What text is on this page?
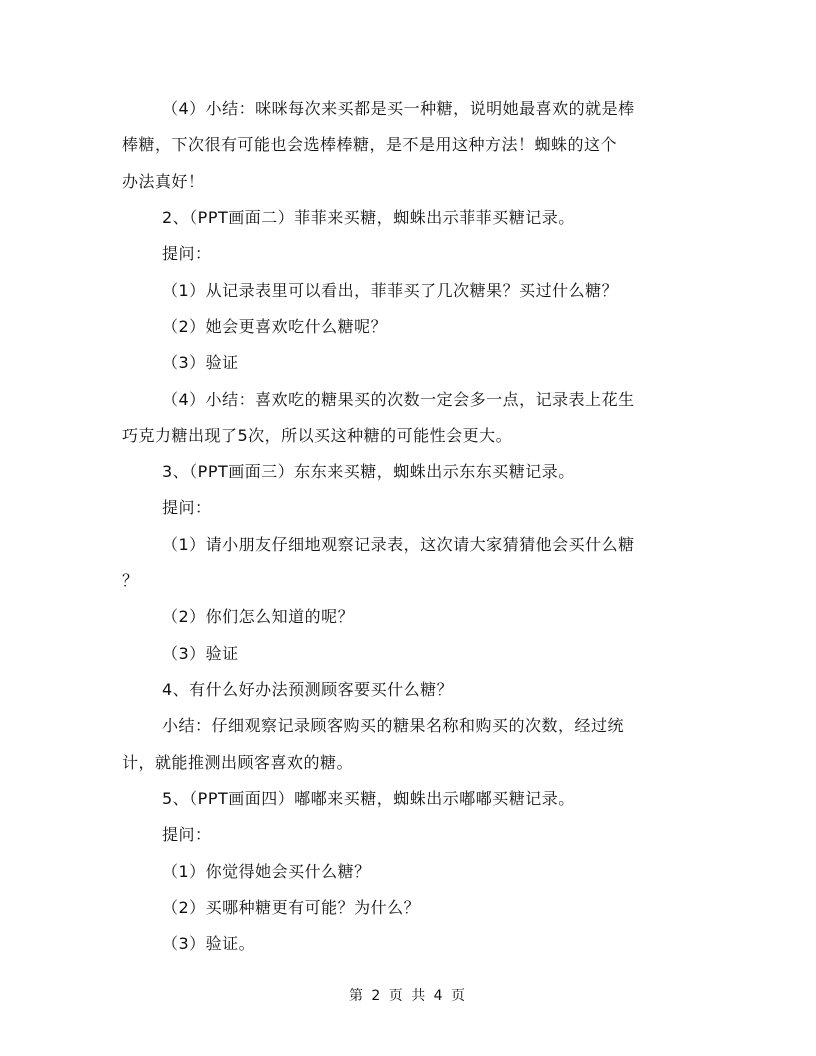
（4）小结：咪咪每次来买都是买一种糖，说明她最喜欢的就是棒
棒糖，下次很有可能也会选棒棒糖，是不是用这种方法！蜘蛛的这个
办法真好！
2、（PPT画面二）菲菲来买糖，蜘蛛出示菲菲买糖记录。
提问：
（1）从记录表里可以看出，菲菲买了几次糖果？买过什么糖？
（2）她会更喜欢吃什么糖呢？
（3）验证
（4）小结：喜欢吃的糖果买的次数一定会多一点，记录表上花生
巧克力糖出现了5次，所以买这种糖的可能性会更大。
3、（PPT画面三）东东来买糖，蜘蛛出示东东买糖记录。
提问：
（1）请小朋友仔细地观察记录表，这次请大家猜猜他会买什么糖
？
（2）你们怎么知道的呢？
（3）验证
4、有什么好办法预测顾客要买什么糖？
小结：仔细观察记录顾客购买的糖果名称和购买的次数，经过统
计，就能推测出顾客喜欢的糖。
5、（PPT画面四）嘟嘟来买糖，蜘蛛出示嘟嘟买糖记录。
提问：
（1）你觉得她会买什么糖？
（2）买哪种糖更有可能？为什么？
（3）验证。
第 2 页 共 4 页
